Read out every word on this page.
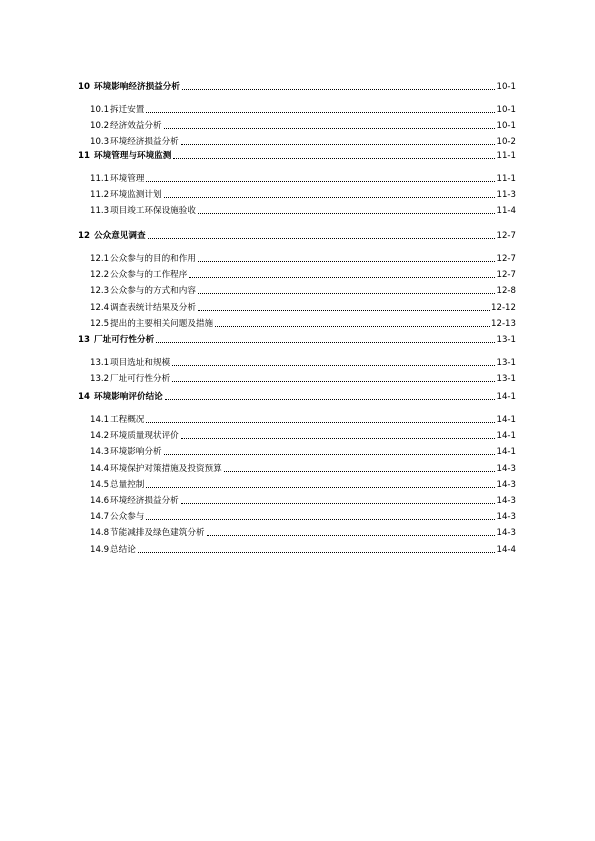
10 环境影响经济损益分析	10-1
10.1 拆迁安置	10-1
10.2 经济效益分析	10-1
10.3 环境经济损益分析	10-2
11 环境管理与环境监测	11-1
11.1 环境管理	11-1
11.2 环境监测计划	11-3
11.3 项目竣工环保设施验收	11-4
12 公众意见调查	12-7
12.1 公众参与的目的和作用	12-7
12.2 公众参与的工作程序	12-7
12.3 公众参与的方式和内容	12-8
12.4 调查表统计结果及分析	12-12
12.5 提出的主要相关问题及措施	12-13
13 厂址可行性分析	13-1
13.1 项目选址和规模	13-1
13.2 厂址可行性分析	13-1
14 环境影响评价结论	14-1
14.1 工程概况	14-1
14.2 环境质量现状评价	14-1
14.3 环境影响分析	14-1
14.4 环境保护对策措施及投资预算	14-3
14.5 总量控制	14-3
14.6 环境经济损益分析	14-3
14.7 公众参与	14-3
14.8 节能减排及绿色建筑分析	14-3
14.9 总结论	14-4
